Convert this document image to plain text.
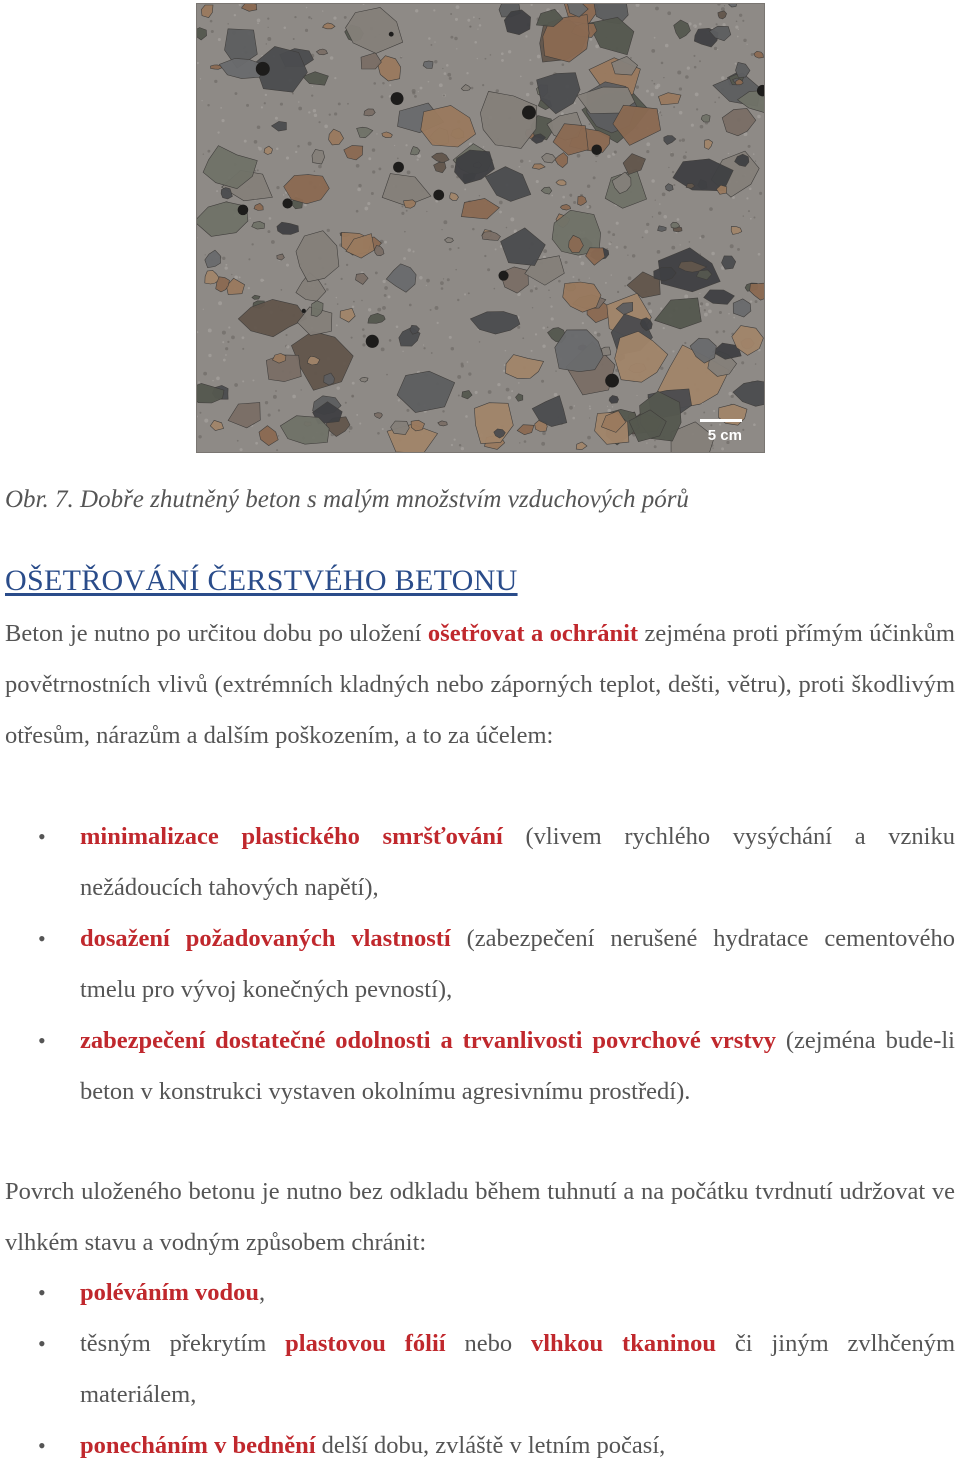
5 cm
Obr. 7. Dobře zhutněný beton s malým množstvím vzduchových pórů
OŠETŘOVÁNÍ ČERSTVÉHO BETONU

Beton je nutno po určitou dobu po uložení ošetřovat a ochránit zejména proti přímým účinkům povětrnostních vlivů (extrémních kladných nebo záporných teplot, dešti, větru), proti škodlivým otřesům, nárazům a dalším poškozením, a to za účelem:

• minimalizace plastického smršťování (vlivem rychlého vysýchání a vzniku nežádoucích tahových napětí),
• dosažení požadovaných vlastností (zabezpečení nerušené hydratace cementového tmelu pro vývoj konečných pevností),
• zabezpečení dostatečné odolnosti a trvanlivosti povrchové vrstvy (zejména bude-li beton v konstrukci vystaven okolnímu agresivnímu prostředí).

Povrch uloženého betonu je nutno bez odkladu během tuhnutí a na počátku tvrdnutí udržovat ve vlhkém stavu a vodným způsobem chránit:

• poléváním vodou,
• těsným překrytím plastovou fólií nebo vlhkou tkaninou či jiným zvlhčeným materiálem,
• ponecháním v bednění delší dobu, zvláště v letním počasí,
